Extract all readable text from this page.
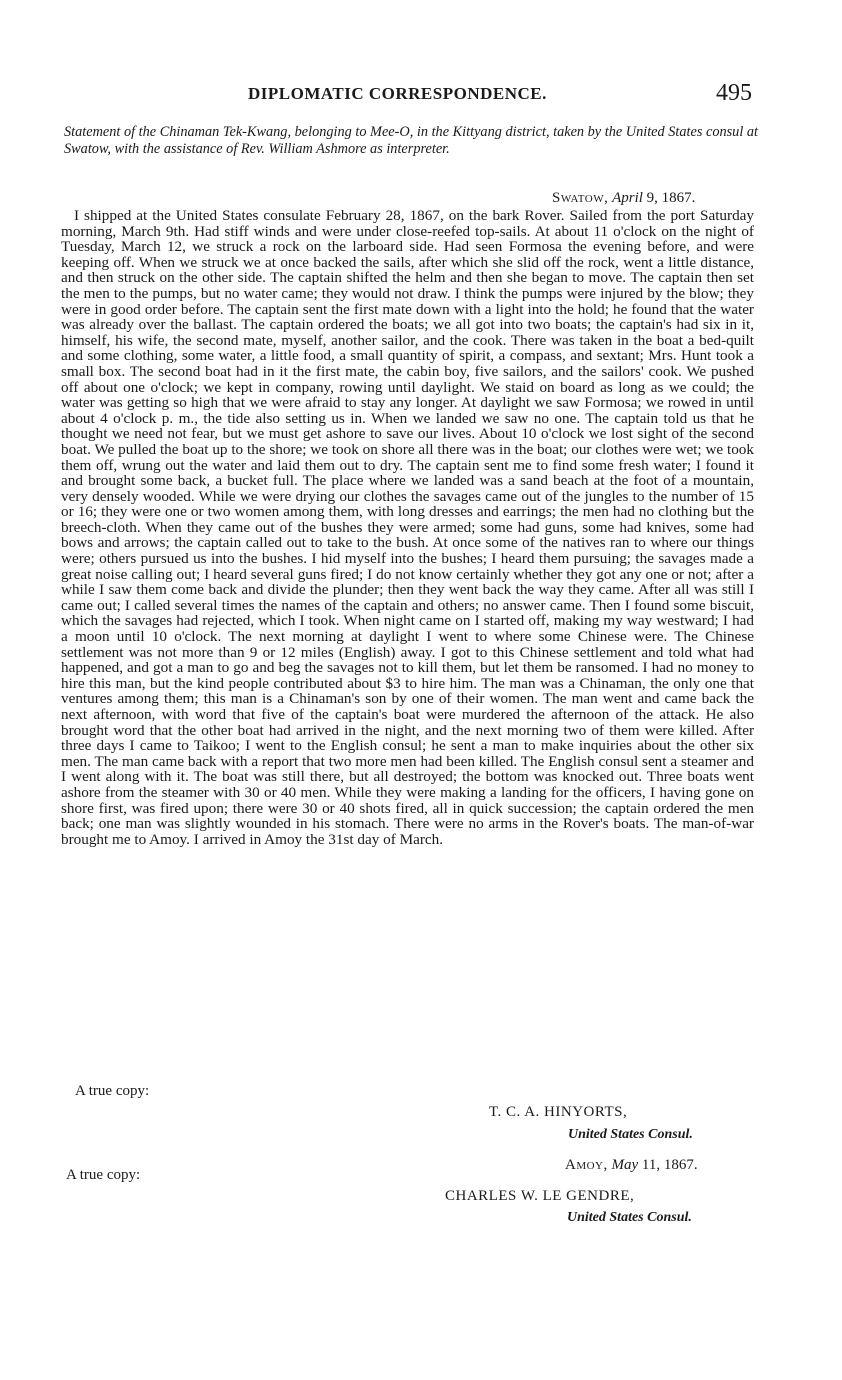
DIPLOMATIC CORRESPONDENCE.	495
Statement of the Chinaman Tek-Kwang, belonging to Mee-O, in the Kittyang district, taken by the United States consul at Swatow, with the assistance of Rev. William Ashmore as interpreter.
Swatow, April 9, 1867.

I shipped at the United States consulate February 28, 1867, on the bark Rover. Sailed from the port Saturday morning, March 9th. Had stiff winds and were under close-reefed top-sails. At about 11 o'clock on the night of Tuesday, March 12, we struck a rock on the larboard side. Had seen Formosa the evening before, and were keeping off. When we struck we at once backed the sails, after which she slid off the rock, went a little distance, and then struck on the other side. The captain shifted the helm and then she began to move. The captain then set the men to the pumps, but no water came; they would not draw. I think the pumps were injured by the blow; they were in good order before. The captain sent the first mate down with a light into the hold; he found that the water was already over the ballast. The captain ordered the boats; we all got into two boats; the captain's had six in it, himself, his wife, the second mate, myself, another sailor, and the cook. There was taken in the boat a bed-quilt and some clothing, some water, a little food, a small quantity of spirit, a compass, and sextant; Mrs. Hunt took a small box. The second boat had in it the first mate, the cabin boy, five sailors, and the sailors' cook. We pushed off about one o'clock; we kept in company, rowing until daylight. We staid on board as long as we could; the water was getting so high that we were afraid to stay any longer. At daylight we saw Formosa; we rowed in until about 4 o'clock p. m., the tide also setting us in. When we landed we saw no one. The captain told us that he thought we need not fear, but we must get ashore to save our lives. About 10 o'clock we lost sight of the second boat. We pulled the boat up to the shore; we took on shore all there was in the boat; our clothes were wet; we took them off, wrung out the water and laid them out to dry. The captain sent me to find some fresh water; I found it and brought some back, a bucket full. The place where we landed was a sand beach at the foot of a mountain, very densely wooded. While we were drying our clothes the savages came out of the jungles to the number of 15 or 16; they were one or two women among them, with long dresses and earrings; the men had no clothing but the breech-cloth. When they came out of the bushes they were armed; some had guns, some had knives, some had bows and arrows; the captain called out to take to the bush. At once some of the natives ran to where our things were; others pursued us into the bushes. I hid myself into the bushes; I heard them pursuing; the savages made a great noise calling out; I heard several guns fired; I do not know certainly whether they got any one or not; after a while I saw them come back and divide the plunder; then they went back the way they came. After all was still I came out; I called several times the names of the captain and others; no answer came. Then I found some biscuit, which the savages had rejected, which I took. When night came on I started off, making my way westward; I had a moon until 10 o'clock. The next morning at daylight I went to where some Chinese were. The Chinese settlement was not more than 9 or 12 miles (English) away. I got to this Chinese settlement and told what had happened, and got a man to go and beg the savages not to kill them, but let them be ransomed. I had no money to hire this man, but the kind people contributed about $3 to hire him. The man was a Chinaman, the only one that ventures among them; this man is a Chinaman's son by one of their women. The man went and came back the next afternoon, with word that five of the captain's boat were murdered the afternoon of the attack. He also brought word that the other boat had arrived in the night, and the next morning two of them were killed. After three days I came to Taikoo; I went to the English consul; he sent a man to make inquiries about the other six men. The man came back with a report that two more men had been killed. The English consul sent a steamer and I went along with it. The boat was still there, but all destroyed; the bottom was knocked out. Three boats went ashore from the steamer with 30 or 40 men. While they were making a landing for the officers, I having gone on shore first, was fired upon; there were 30 or 40 shots fired, all in quick succession; the captain ordered the men back; one man was slightly wounded in his stomach. There were no arms in the Rover's boats. The man-of-war brought me to Amoy. I arrived in Amoy the 31st day of March.

A true copy:
T. C. A. HINYORTS,
United States Consul.
Amoy, May 11, 1867.
A true copy:
CHARLES W. LE GENDRE,
United States Consul.
